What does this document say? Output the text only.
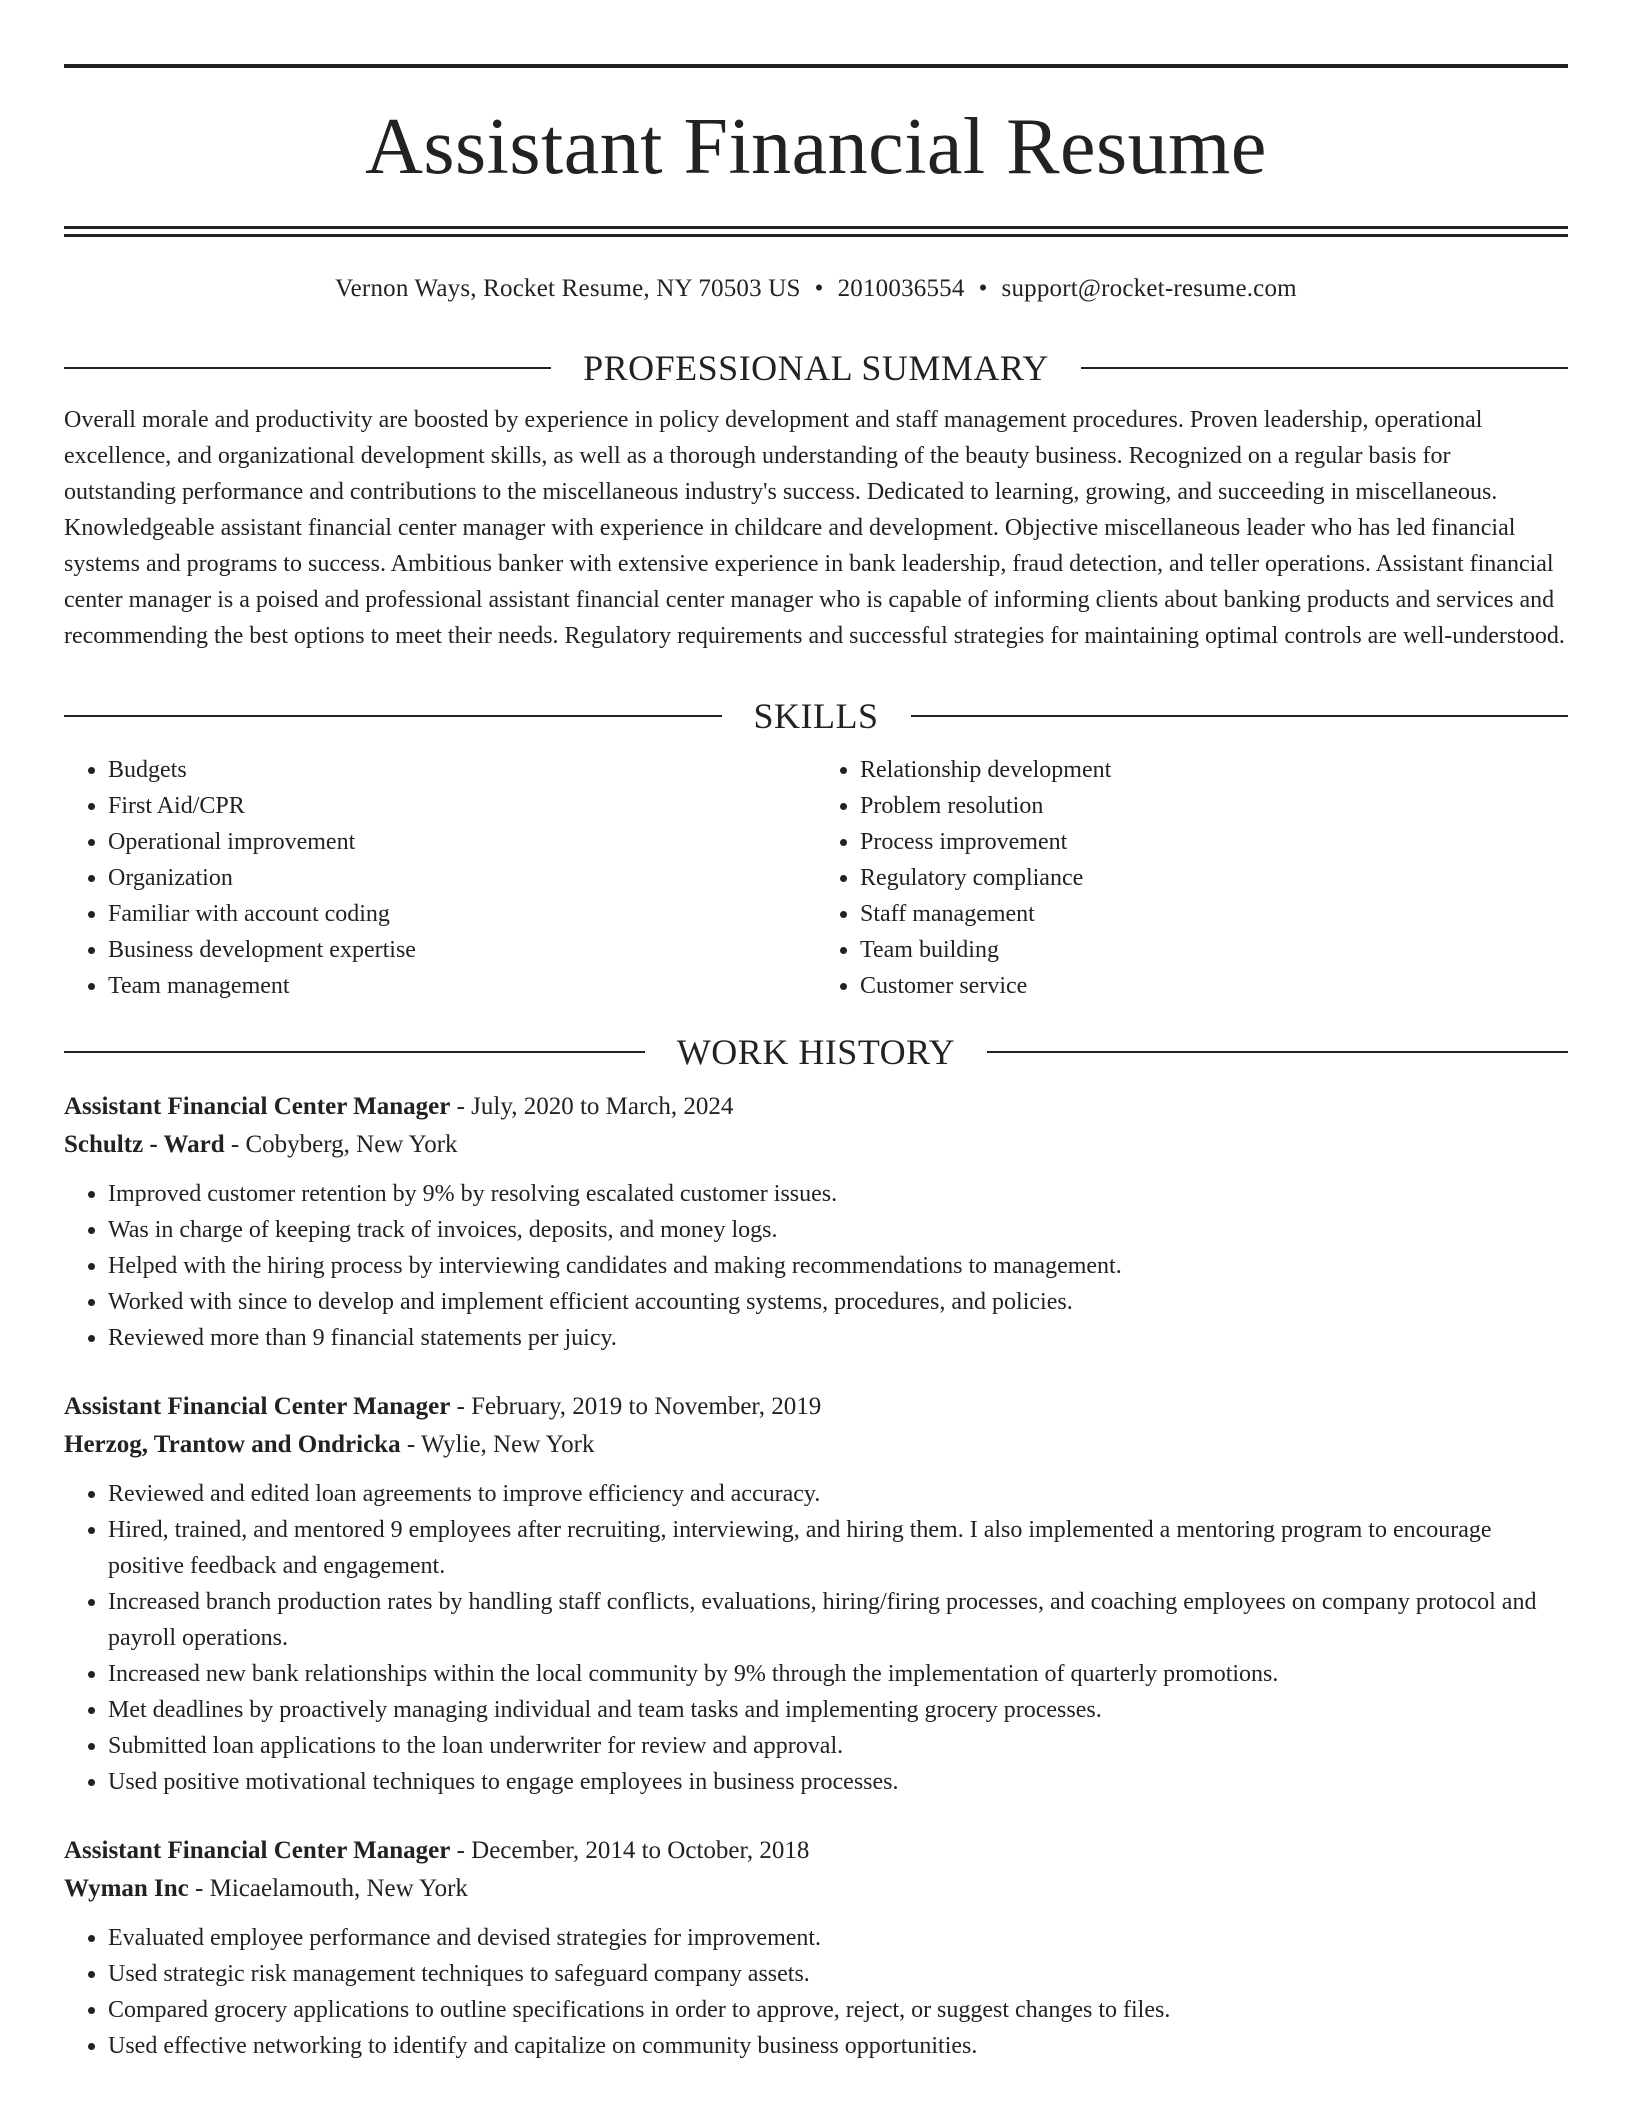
Assistant Financial Resume
Vernon Ways, Rocket Resume, NY 70503 US • 2010036554 • support@rocket-resume.com
PROFESSIONAL SUMMARY
Overall morale and productivity are boosted by experience in policy development and staff management procedures. Proven leadership, operational excellence, and organizational development skills, as well as a thorough understanding of the beauty business. Recognized on a regular basis for outstanding performance and contributions to the miscellaneous industry's success. Dedicated to learning, growing, and succeeding in miscellaneous. Knowledgeable assistant financial center manager with experience in childcare and development. Objective miscellaneous leader who has led financial systems and programs to success. Ambitious banker with extensive experience in bank leadership, fraud detection, and teller operations. Assistant financial center manager is a poised and professional assistant financial center manager who is capable of informing clients about banking products and services and recommending the best options to meet their needs. Regulatory requirements and successful strategies for maintaining optimal controls are well-understood.
SKILLS
• Budgets
• First Aid/CPR
• Operational improvement
• Organization
• Familiar with account coding
• Business development expertise
• Team management
• Relationship development
• Problem resolution
• Process improvement
• Regulatory compliance
• Staff management
• Team building
• Customer service
WORK HISTORY
Assistant Financial Center Manager - July, 2020 to March, 2024
Schultz - Ward - Cobyberg, New York
• Improved customer retention by 9% by resolving escalated customer issues.
• Was in charge of keeping track of invoices, deposits, and money logs.
• Helped with the hiring process by interviewing candidates and making recommendations to management.
• Worked with since to develop and implement efficient accounting systems, procedures, and policies.
• Reviewed more than 9 financial statements per juicy.
Assistant Financial Center Manager - February, 2019 to November, 2019
Herzog, Trantow and Ondricka - Wylie, New York
• Reviewed and edited loan agreements to improve efficiency and accuracy.
• Hired, trained, and mentored 9 employees after recruiting, interviewing, and hiring them. I also implemented a mentoring program to encourage positive feedback and engagement.
• Increased branch production rates by handling staff conflicts, evaluations, hiring/firing processes, and coaching employees on company protocol and payroll operations.
• Increased new bank relationships within the local community by 9% through the implementation of quarterly promotions.
• Met deadlines by proactively managing individual and team tasks and implementing grocery processes.
• Submitted loan applications to the loan underwriter for review and approval.
• Used positive motivational techniques to engage employees in business processes.
Assistant Financial Center Manager - December, 2014 to October, 2018
Wyman Inc - Micaelamouth, New York
• Evaluated employee performance and devised strategies for improvement.
• Used strategic risk management techniques to safeguard company assets.
• Compared grocery applications to outline specifications in order to approve, reject, or suggest changes to files.
• Used effective networking to identify and capitalize on community business opportunities.
